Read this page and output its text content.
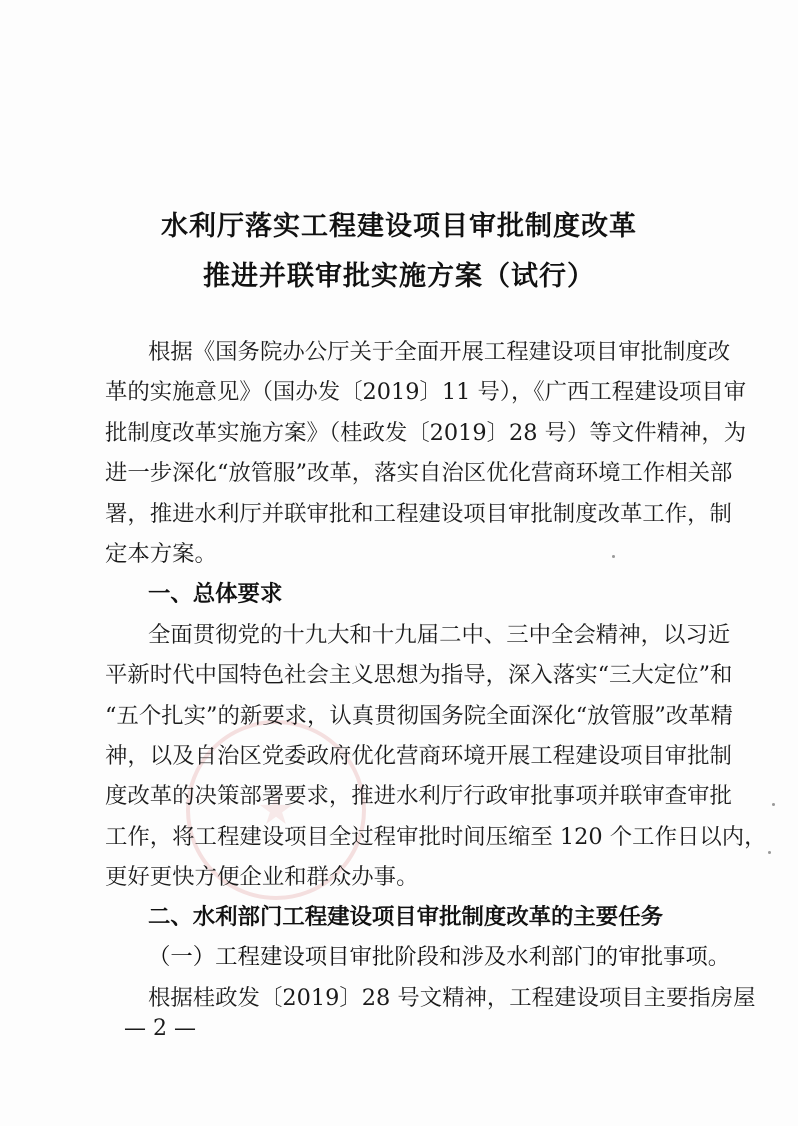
水利厅落实工程建设项目审批制度改革
推进并联审批实施方案（试行）
根据《国务院办公厅关于全面开展工程建设项目审批制度改
革的实施意见》（国办发〔2019〕11 号），《广西工程建设项目审
批制度改革实施方案》（桂政发〔2019〕28 号）等文件精神，为
进一步深化“放管服”改革，落实自治区优化营商环境工作相关部
署，推进水利厅并联审批和工程建设项目审批制度改革工作，制
定本方案。
一、总体要求
全面贯彻党的十九大和十九届二中、三中全会精神，以习近
平新时代中国特色社会主义思想为指导，深入落实“三大定位”和
“五个扎实”的新要求，认真贯彻国务院全面深化“放管服”改革精
神，以及自治区党委政府优化营商环境开展工程建设项目审批制
度改革的决策部署要求，推进水利厅行政审批事项并联审查审批
工作，将工程建设项目全过程审批时间压缩至 120 个工作日以内，
更好更快方便企业和群众办事。
二、水利部门工程建设项目审批制度改革的主要任务
（一）工程建设项目审批阶段和涉及水利部门的审批事项。
根据桂政发〔2019〕28 号文精神，工程建设项目主要指房屋
— 2 —
